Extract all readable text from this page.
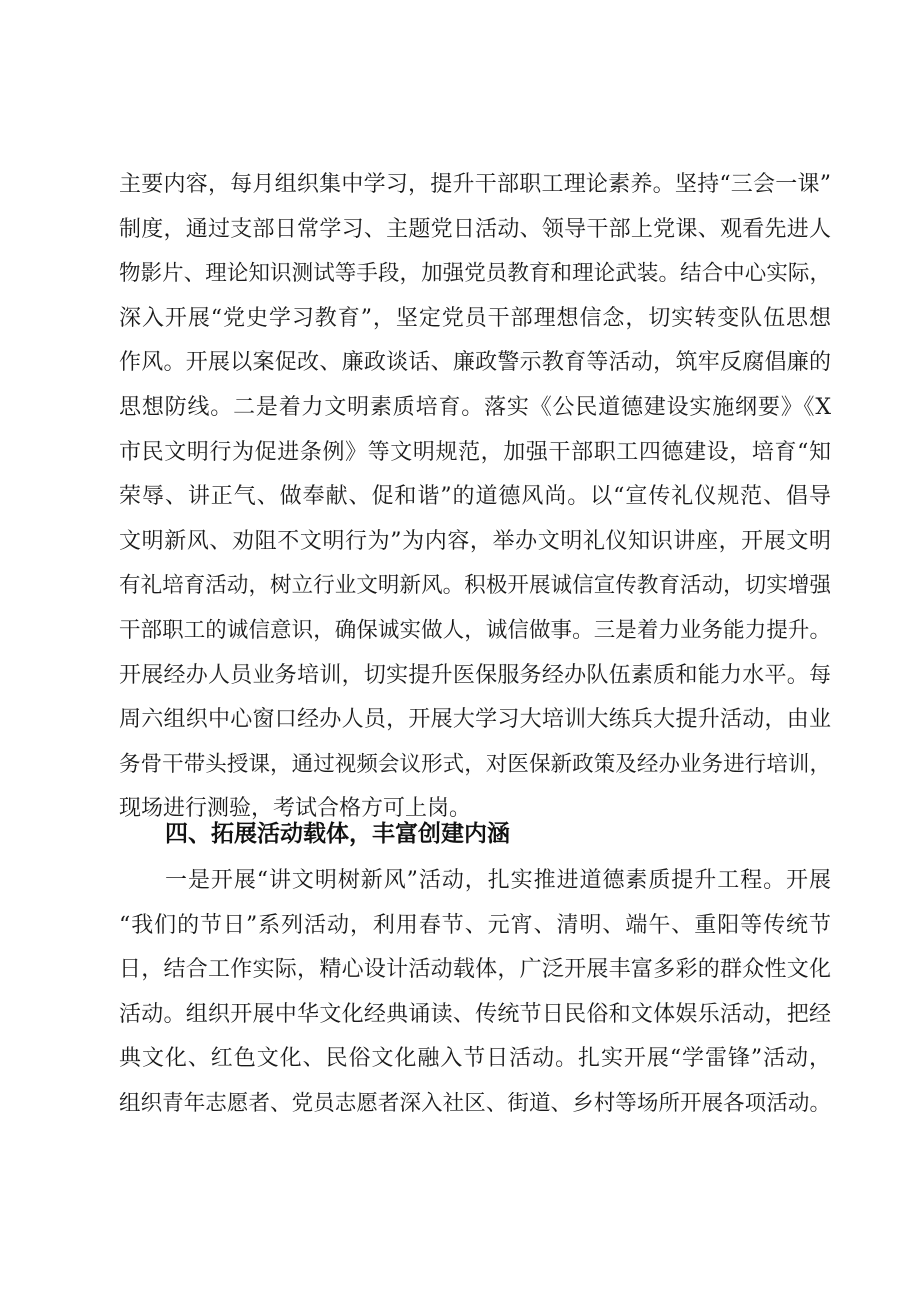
主要内容，每月组织集中学习，提升干部职工理论素养。坚持“三会一课”
制度，通过支部日常学习、主题党日活动、领导干部上党课、观看先进人
物影片、理论知识测试等手段，加强党员教育和理论武装。结合中心实际，
深入开展“党史学习教育”，坚定党员干部理想信念，切实转变队伍思想
作风。开展以案促改、廉政谈话、廉政警示教育等活动，筑牢反腐倡廉的
思想防线。二是着力文明素质培育。落实《公民道德建设实施纲要》《X
市民文明行为促进条例》等文明规范，加强干部职工四德建设，培育“知
荣辱、讲正气、做奉献、促和谐”的道德风尚。以“宣传礼仪规范、倡导
文明新风、劝阻不文明行为”为内容，举办文明礼仪知识讲座，开展文明
有礼培育活动，树立行业文明新风。积极开展诚信宣传教育活动，切实增强
干部职工的诚信意识，确保诚实做人，诚信做事。三是着力业务能力提升。
开展经办人员业务培训，切实提升医保服务经办队伍素质和能力水平。每
周六组织中心窗口经办人员，开展大学习大培训大练兵大提升活动，由业
务骨干带头授课，通过视频会议形式，对医保新政策及经办业务进行培训，
现场进行测验，考试合格方可上岗。
四、拓展活动载体，丰富创建内涵
一是开展“讲文明树新风”活动，扎实推进道德素质提升工程。开展
“我们的节日”系列活动，利用春节、元宵、清明、端午、重阳等传统节
日，结合工作实际，精心设计活动载体，广泛开展丰富多彩的群众性文化
活动。组织开展中华文化经典诵读、传统节日民俗和文体娱乐活动，把经
典文化、红色文化、民俗文化融入节日活动。扎实开展“学雷锋”活动，
组织青年志愿者、党员志愿者深入社区、街道、乡村等场所开展各项活动。
